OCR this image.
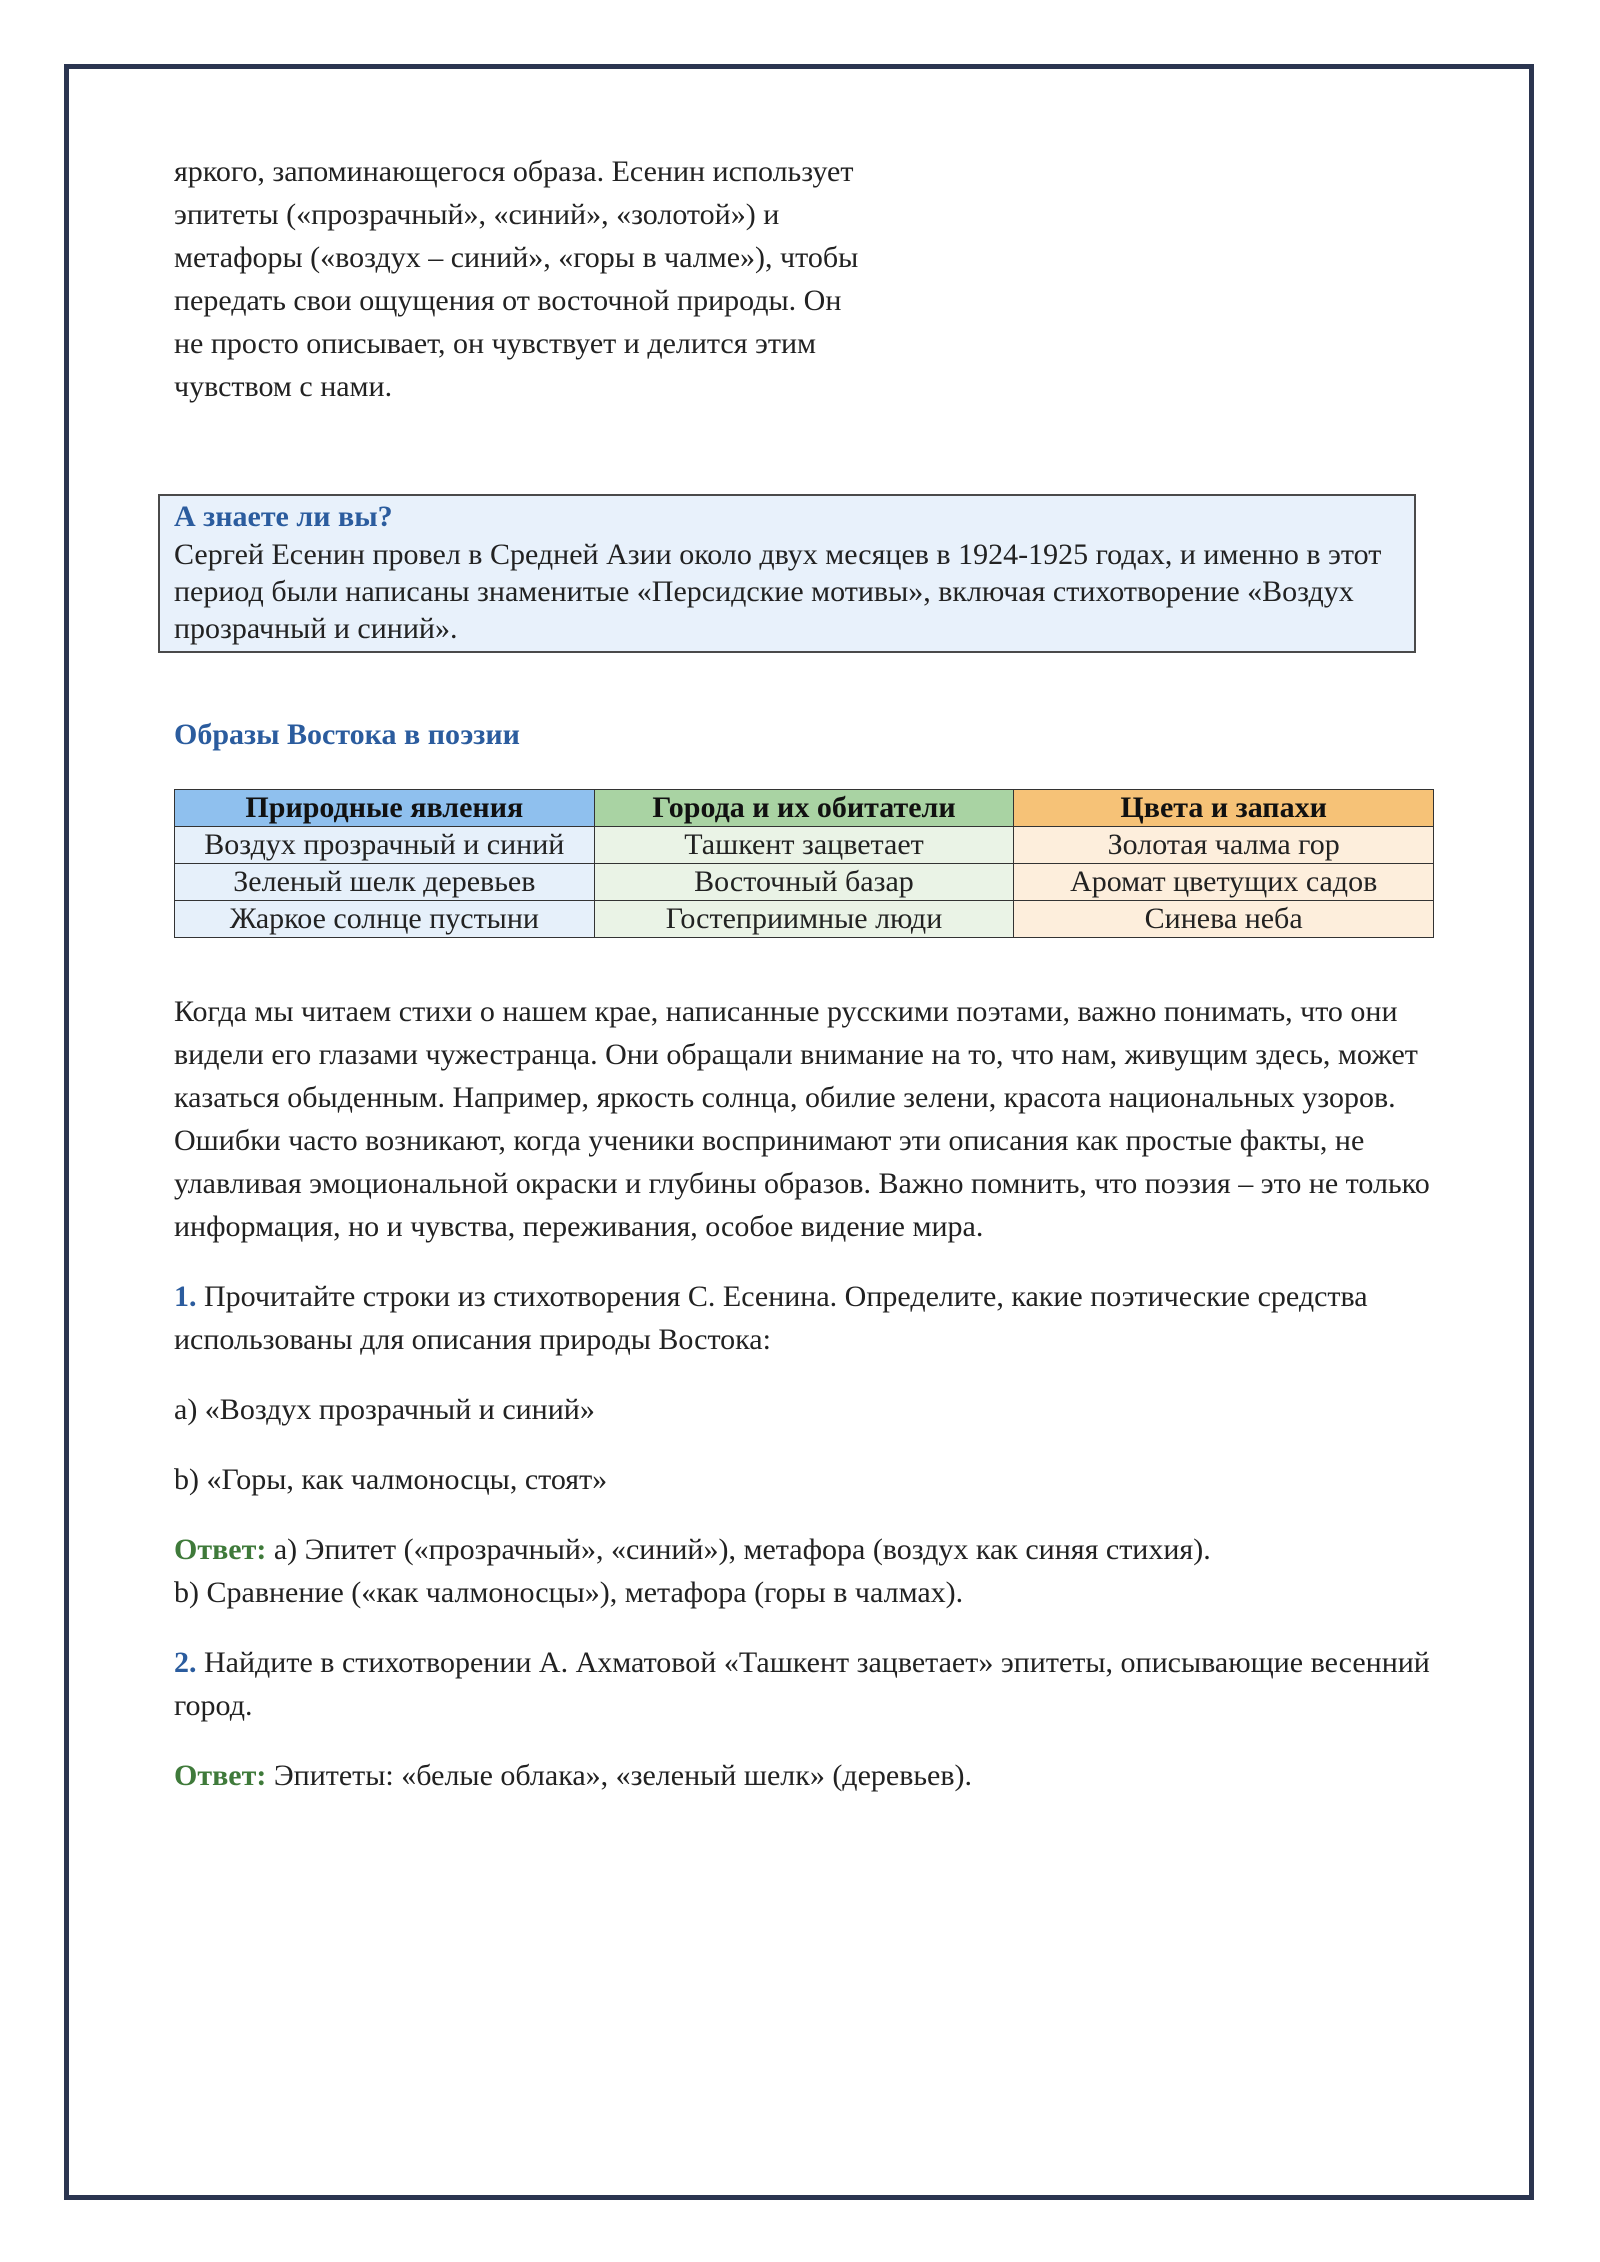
яркого, запоминающегося образа. Есенин использует
эпитеты («прозрачный», «синий», «золотой») и
метафоры («воздух – синий», «горы в чалме»), чтобы
передать свои ощущения от восточной природы. Он
не просто описывает, он чувствует и делится этим
чувством с нами.

А знаете ли вы?
Сергей Есенин провел в Средней Азии около двух месяцев в 1924-1925 годах, и именно в этот период были написаны знаменитые «Персидские мотивы», включая стихотворение «Воздух прозрачный и синий».
Образы Востока в поэзии
Природные явления	Города и их обитатели	Цвета и запахи
Воздух прозрачный и синий	Ташкент зацветает	Золотая чалма гор
Зеленый шелк деревьев	Восточный базар	Аромат цветущих садов
Жаркое солнце пустыни	Гостеприимные люди	Синева неба

Когда мы читаем стихи о нашем крае, написанные русскими поэтами, важно понимать, что они видели его глазами чужестранца. Они обращали внимание на то, что нам, живущим здесь, может казаться обыденным. Например, яркость солнца, обилие зелени, красота национальных узоров. Ошибки часто возникают, когда ученики воспринимают эти описания как простые факты, не улавливая эмоциональной окраски и глубины образов. Важно помнить, что поэзия – это не только информация, но и чувства, переживания, особое видение мира.

1. Прочитайте строки из стихотворения С. Есенина. Определите, какие поэтические средства использованы для описания природы Востока:
a) «Воздух прозрачный и синий»
b) «Горы, как чалмоносцы, стоят»
Ответ: a) Эпитет («прозрачный», «синий»), метафора (воздух как синяя стихия).
b) Сравнение («как чалмоносцы»), метафора (горы в чалмах).
2. Найдите в стихотворении А. Ахматовой «Ташкент зацветает» эпитеты, описывающие весенний город.
Ответ: Эпитеты: «белые облака», «зеленый шелк» (деревьев).
